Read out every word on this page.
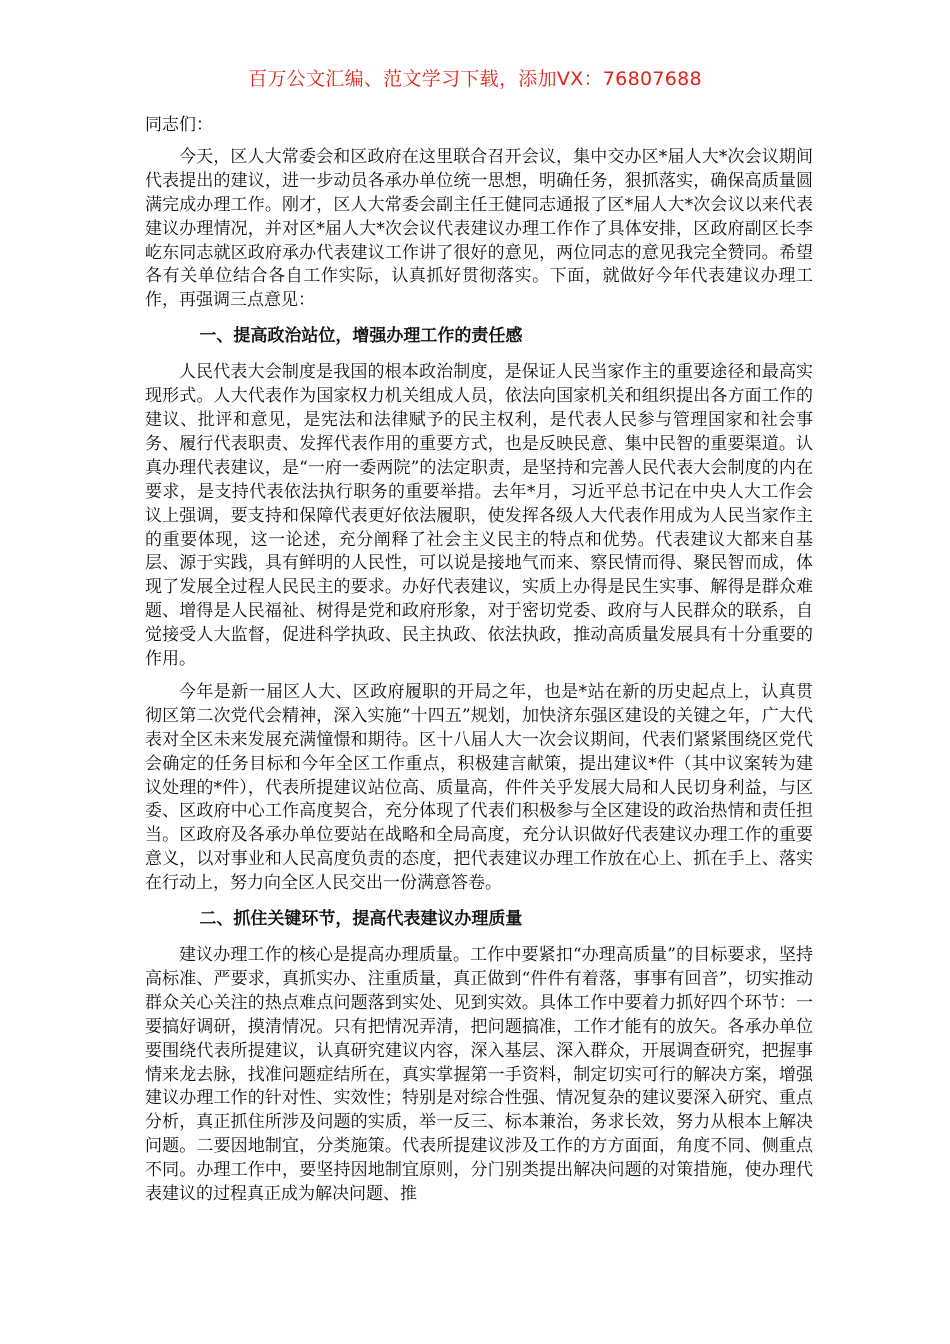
百万公文汇编、范文学习下载，添加VX：76807688

同志们：

今天，区人大常委会和区政府在这里联合召开会议，集中交办区*届人大*次会议期间代表提出的建议，进一步动员各承办单位统一思想，明确任务，狠抓落实，确保高质量圆满完成办理工作。刚才，区人大常委会副主任王健同志通报了区*届人大*次会议以来代表建议办理情况，并对区*届人大*次会议代表建议办理工作作了具体安排，区政府副区长李屹东同志就区政府承办代表建议工作讲了很好的意见，两位同志的意见我完全赞同。希望各有关单位结合各自工作实际，认真抓好贯彻落实。下面，就做好今年代表建议办理工作，再强调三点意见：

一、提高政治站位，增强办理工作的责任感

人民代表大会制度是我国的根本政治制度，是保证人民当家作主的重要途径和最高实现形式。人大代表作为国家权力机关组成人员，依法向国家机关和组织提出各方面工作的建议、批评和意见，是宪法和法律赋予的民主权利，是代表人民参与管理国家和社会事务、履行代表职责、发挥代表作用的重要方式，也是反映民意、集中民智的重要渠道。认真办理代表建议，是“一府一委两院”的法定职责，是坚持和完善人民代表大会制度的内在要求，是支持代表依法执行职务的重要举措。去年*月，习近平总书记在中央人大工作会议上强调，要支持和保障代表更好依法履职，使发挥各级人大代表作用成为人民当家作主的重要体现，这一论述，充分阐释了社会主义民主的特点和优势。代表建议大都来自基层、源于实践，具有鲜明的人民性，可以说是接地气而来、察民情而得、聚民智而成，体现了发展全过程人民民主的要求。办好代表建议，实质上办得是民生实事、解得是群众难题、增得是人民福祉、树得是党和政府形象，对于密切党委、政府与人民群众的联系，自觉接受人大监督，促进科学执政、民主执政、依法执政，推动高质量发展具有十分重要的作用。

今年是新一届区人大、区政府履职的开局之年，也是*站在新的历史起点上，认真贯彻区第二次党代会精神，深入实施“十四五”规划，加快济东强区建设的关键之年，广大代表对全区未来发展充满憧憬和期待。区十八届人大一次会议期间，代表们紧紧围绕区党代会确定的任务目标和今年全区工作重点，积极建言献策，提出建议*件（其中议案转为建议处理的*件），代表所提建议站位高、质量高，件件关乎发展大局和人民切身利益，与区委、区政府中心工作高度契合，充分体现了代表们积极参与全区建设的政治热情和责任担当。区政府及各承办单位要站在战略和全局高度，充分认识做好代表建议办理工作的重要意义，以对事业和人民高度负责的态度，把代表建议办理工作放在心上、抓在手上、落实在行动上，努力向全区人民交出一份满意答卷。

二、抓住关键环节，提高代表建议办理质量

建议办理工作的核心是提高办理质量。工作中要紧扣“办理高质量”的目标要求，坚持高标准、严要求，真抓实办、注重质量，真正做到“件件有着落，事事有回音”，切实推动群众关心关注的热点难点问题落到实处、见到实效。具体工作中要着力抓好四个环节：一要搞好调研，摸清情况。只有把情况弄清，把问题搞准，工作才能有的放矢。各承办单位要围绕代表所提建议，认真研究建议内容，深入基层、深入群众，开展调查研究，把握事情来龙去脉，找准问题症结所在，真实掌握第一手资料，制定切实可行的解决方案，增强建议办理工作的针对性、实效性；特别是对综合性强、情况复杂的建议要深入研究、重点分析，真正抓住所涉及问题的实质，举一反三、标本兼治，务求长效，努力从根本上解决问题。二要因地制宜，分类施策。代表所提建议涉及工作的方方面面，角度不同、侧重点不同。办理工作中，要坚持因地制宜原则，分门别类提出解决问题的对策措施，使办理代表建议的过程真正成为解决问题、推
